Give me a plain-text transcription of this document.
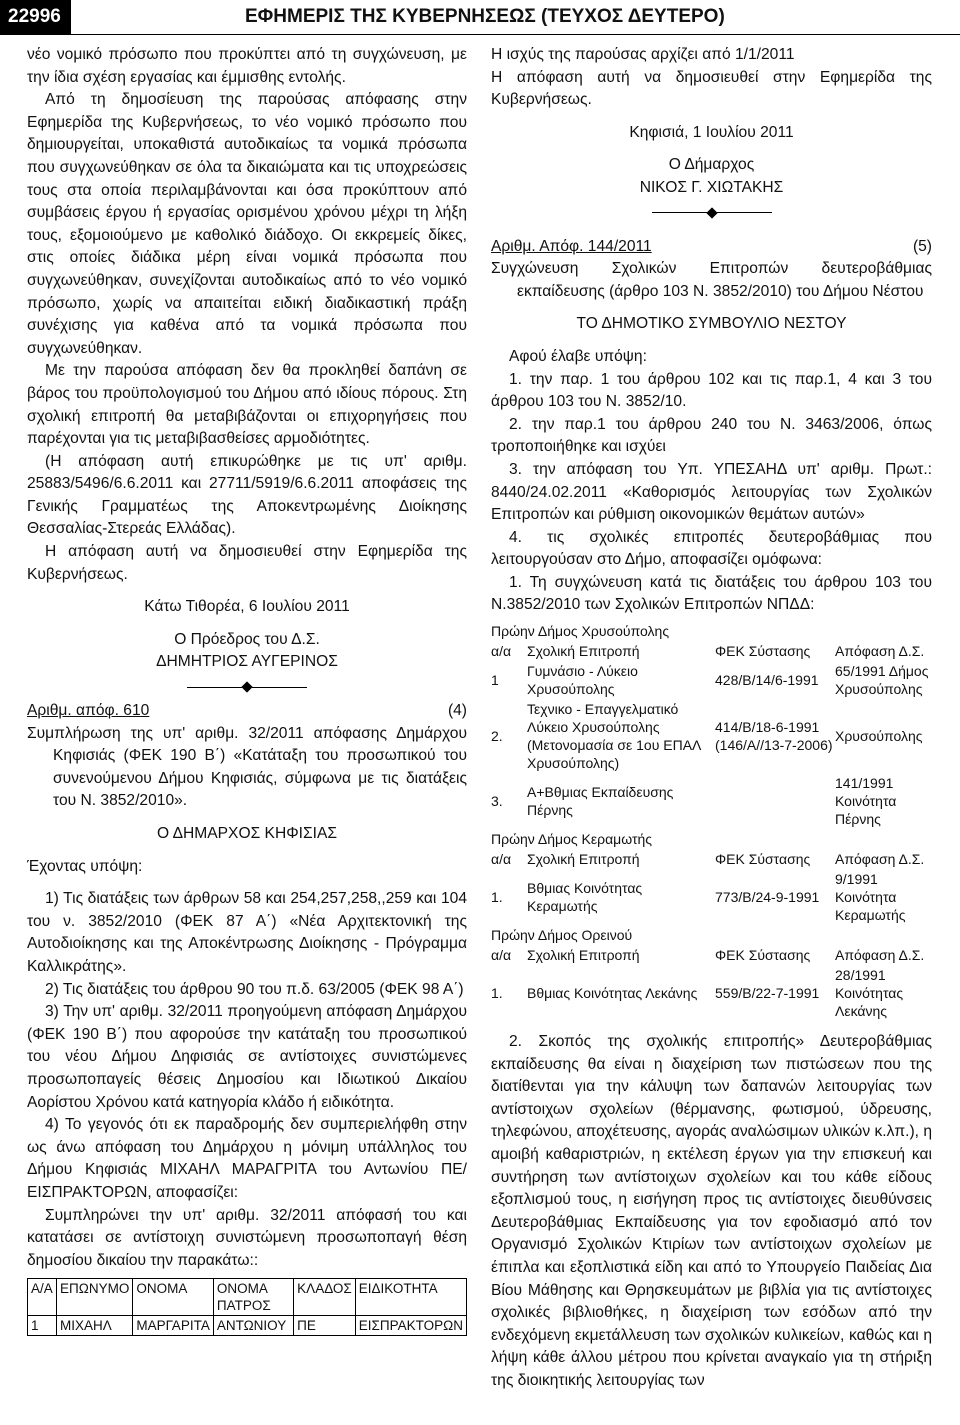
22996	ΕΦΗΜΕΡΙΣ ΤΗΣ ΚΥΒΕΡΝΗΣΕΩΣ (ΤΕΥΧΟΣ ΔΕΥΤΕΡΟ)

νέο νομικό πρόσωπο που προκύπτει από τη συγχώνευση, με την ίδια σχέση εργασίας και έμμισθης εντολής.

Από τη δημοσίευση της παρούσας απόφασης στην Εφημερίδα της Κυβερνήσεως, το νέο νομικό πρόσωπο που δημιουργείται, υποκαθιστά αυτοδικαίως τα νομικά πρόσωπα που συγχωνεύθηκαν σε όλα τα δικαιώματα και τις υποχρεώσεις τους στα οποία περιλαμβάνονται και όσα προκύπτουν από συμβάσεις έργου ή εργασίας ορισμένου χρόνου μέχρι τη λήξη τους, εξομοιούμενο με καθολικό διάδοχο. Οι εκκρεμείς δίκες, στις οποίες διάδικα μέρη είναι νομικά πρόσωπα που συγχωνεύθηκαν, συνεχίζονται αυτοδικαίως από το νέο νομικό πρόσωπο, χωρίς να απαιτείται ειδική διαδικαστική πράξη συνέχισης για καθένα από τα νομικά πρόσωπα που συγχωνεύθηκαν.

Με την παρούσα απόφαση δεν θα προκληθεί δαπάνη σε βάρος του προϋπολογισμού του Δήμου από ιδίους πόρους. Στη σχολική επιτροπή θα μεταβιβάζονται οι επιχορηγήσεις που παρέχονται για τις μεταβιβασθείσες αρμοδιότητες.

(Η απόφαση αυτή επικυρώθηκε με τις υπ' αριθμ. 25883/5496/6.6.2011 και 27711/5919/6.6.2011 αποφάσεις της Γενικής Γραμματέως της Αποκεντρωμένης Διοίκησης Θεσσαλίας-Στερεάς Ελλάδας).

Η απόφαση αυτή να δημοσιευθεί στην Εφημερίδα της Κυβερνήσεως.

Κάτω Τιθορέα, 6 Ιουλίου 2011

Ο Πρόεδρος του Δ.Σ.

ΔΗΜΗΤΡΙΟΣ ΑΥΓΕΡΙΝΟΣ

Αριθμ. απόφ. 610	(4)

Συμπλήρωση της υπ' αριθμ. 32/2011 απόφασης Δημάρχου Κηφισιάς (ΦΕΚ 190 Β΄) «Κατάταξη του προσωπικού του συνενούμενου Δήμου Κηφισιάς, σύμφωνα με τις διατάξεις του Ν. 3852/2010».

Ο ΔΗΜΑΡΧΟΣ ΚΗΦΙΣΙΑΣ

Έχοντας υπόψη:

1) Τις διατάξεις των άρθρων 58 και 254,257,258,,259 και 104 του ν. 3852/2010 (ΦΕΚ 87 Α΄) «Νέα Αρχιτεκτονική της Αυτοδιοίκησης και της Αποκέντρωσης Διοίκησης - Πρόγραμμα Καλλικράτης».

2) Τις διατάξεις του άρθρου 90 του π.δ. 63/2005 (ΦΕΚ 98 Α΄)

3) Την υπ' αριθμ. 32/2011 προηγούμενη απόφαση Δημάρχου (ΦΕΚ 190 Β΄) που αφορούσε την κατάταξη του προσωπικού του νέου Δήμου Δηφισιάς σε αντίστοιχες συνιστώμενες προσωποπαγείς θέσεις Δημοσίου και Ιδιωτικού Δικαίου Αορίστου Χρόνου κατά κατηγορία κλάδο ή ειδικότητα.

4) Το γεγονός ότι εκ παραδρομής δεν συμπεριελήφθη στην ως άνω απόφαση του Δημάρχου η μόνιμη υπάλληλος του Δήμου Κηφισιάς ΜΙΧΑΗΛ ΜΑΡΑΓΡΙΤΑ του Αντωνίου ΠΕ/ΕΙΣΠΡΑΚΤΟΡΩΝ, αποφασίζει:

Συμπληρώνει την υπ' αριθμ. 32/2011 απόφασή του και κατατάσει σε αντίστοιχη συνιστώμενη προσωποπαγή θέση δημοσίου δικαίου την παρακάτω::

Α/Α	ΕΠΩΝΥΜΟ	ΟΝΟΜΑ	ΟΝΟΜΑ ΠΑΤΡΟΣ	ΚΛΑΔΟΣ	ΕΙΔΙΚΟΤΗΤΑ
1	ΜΙΧΑΗΛ	ΜΑΡΓΑΡΙΤΑ	ΑΝΤΩΝΙΟΥ	ΠΕ	ΕΙΣΠΡΑΚΤΟΡΩΝ

Η ισχύς της παρούσας αρχίζει από 1/1/2011

Η απόφαση αυτή να δημοσιευθεί στην Εφημερίδα της Κυβερνήσεως.

Κηφισιά, 1 Ιουλίου 2011

Ο Δήμαρχος

ΝΙΚΟΣ Γ. ΧΙΩΤΑΚΗΣ

Αριθμ. Απόφ. 144/2011	(5)

Συγχώνευση Σχολικών Επιτροπών δευτεροβάθμιας εκπαίδευσης (άρθρο 103 Ν. 3852/2010) του Δήμου Νέστου

ΤΟ ΔΗΜΟΤΙΚΟ ΣΥΜΒΟΥΛΙΟ ΝΕΣΤΟΥ

Αφού έλαβε υπόψη:

1. την παρ. 1 του άρθρου 102 και τις παρ.1, 4 και 3 του άρθρου 103 του Ν. 3852/10.

2. την παρ.1 του άρθρου 240 του Ν. 3463/2006, όπως τροποποιήθηκε και ισχύει

3. την απόφαση του Υπ. ΥΠΕΣΑΗΔ υπ' αριθμ. Πρωτ.: 8440/24.02.2011 «Καθορισμός λειτουργίας των Σχολικών Επιτροπών και ρύθμιση οικονομικών θεμάτων αυτών»

4. τις σχολικές επιτροπές δευτεροβάθμιας που λειτουργούσαν στο Δήμο, αποφασίζει ομόφωνα:

1. Τη συγχώνευση κατά τις διατάξεις του άρθρου 103 του Ν.3852/2010 των Σχολικών Επιτροπών ΝΠΔΔ:

Πρώην Δήμος Χρυσούπολης			
α/α	Σχολική Επιτροπή	ΦΕΚ Σύστασης	Απόφαση Δ.Σ.
1	Γυμνάσιο - Λύκειο Χρυσούπολης	428/Β/14/6-1991	65/1991 Δήμος Χρυσούπολης
2.	Τεχνικο - Επαγγελματικό Λύκειο Χρυσούπολης (Μετονομασία σε 1ου ΕΠΑΛ Χρυσούπολης)	414/Β/18-6-1991 (146/Α//13-7-2006)	Χρυσούπολης
3.	Α+Βθμιας Εκπαίδευσης Πέρνης		141/1991 Κοινότητα Πέρνης
Πρώην Δήμος Κεραμωτής			
α/α	Σχολική Επιτροπή	ΦΕΚ Σύστασης	Απόφαση Δ.Σ.
1.	Βθμιας Κοινότητας Κεραμωτής	773/Β/24-9-1991	9/1991 Κοινότητα Κεραμωτής
Πρώην Δήμος Ορεινού			
α/α	Σχολική Επιτροπή	ΦΕΚ Σύστασης	Απόφαση Δ.Σ.
1.	Βθμιας Κοινότητας Λεκάνης	559/Β/22-7-1991	28/1991 Κοινότητας Λεκάνης

2. Σκοπός της σχολικής επιτροπής» Δευτεροβάθμιας εκπαίδευσης θα είναι η διαχείριση των πιστώσεων που της διατίθενται για την κάλυψη των δαπανών λειτουργίας των αντίστοιχων σχολείων (θέρμανσης, φωτισμού, ύδρευσης, τηλεφώνου, αποχέτευσης, αγοράς αναλώσιμων υλικών κ.λπ.), η αμοιβή καθαριστριών, η εκτέλεση έργων για την επισκευή και συντήρηση των αντίστοιχων σχολείων και του κάθε είδους εξοπλισμού τους, η εισήγηση προς τις αντίστοιχες διευθύνσεις Δευτεροβάθμιας Εκπαίδευσης για τον εφοδιασμό από τον Οργανισμό Σχολικών Κτιρίων των αντίστοιχων σχολείων με έπιπλα και εξοπλιστικά είδη και από το Υπουργείο Παιδείας Δια Βίου Μάθησης και Θρησκευμάτων με βιβλία για τις αντίστοιχες σχολικές βιβλιοθήκες, η διαχείριση των εσόδων από την ενδεχόμενη εκμετάλλευση των σχολικών κυλικείων, καθώς και η λήψη κάθε άλλου μέτρου που κρίνεται αναγκαίο για τη στήριξη της διοικητικής λειτουργίας των
